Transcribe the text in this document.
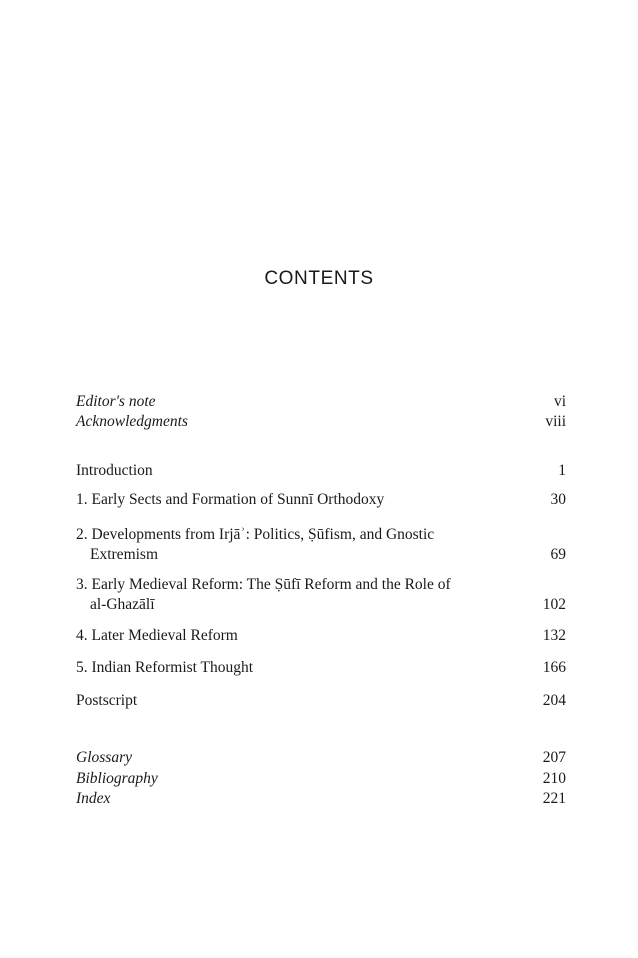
CONTENTS
Editor's note	vi
Acknowledgments	viii
Introduction	1
1. Early Sects and Formation of Sunnī Orthodoxy	30
2. Developments from Irjāʾ: Politics, Ṣūfism, and Gnostic
Extremism	69
3. Early Medieval Reform: The Ṣūfī Reform and the Role of
al-Ghazālī	102
4. Later Medieval Reform	132
5. Indian Reformist Thought	166
Postscript	204
Glossary	207
Bibliography	210
Index	221
